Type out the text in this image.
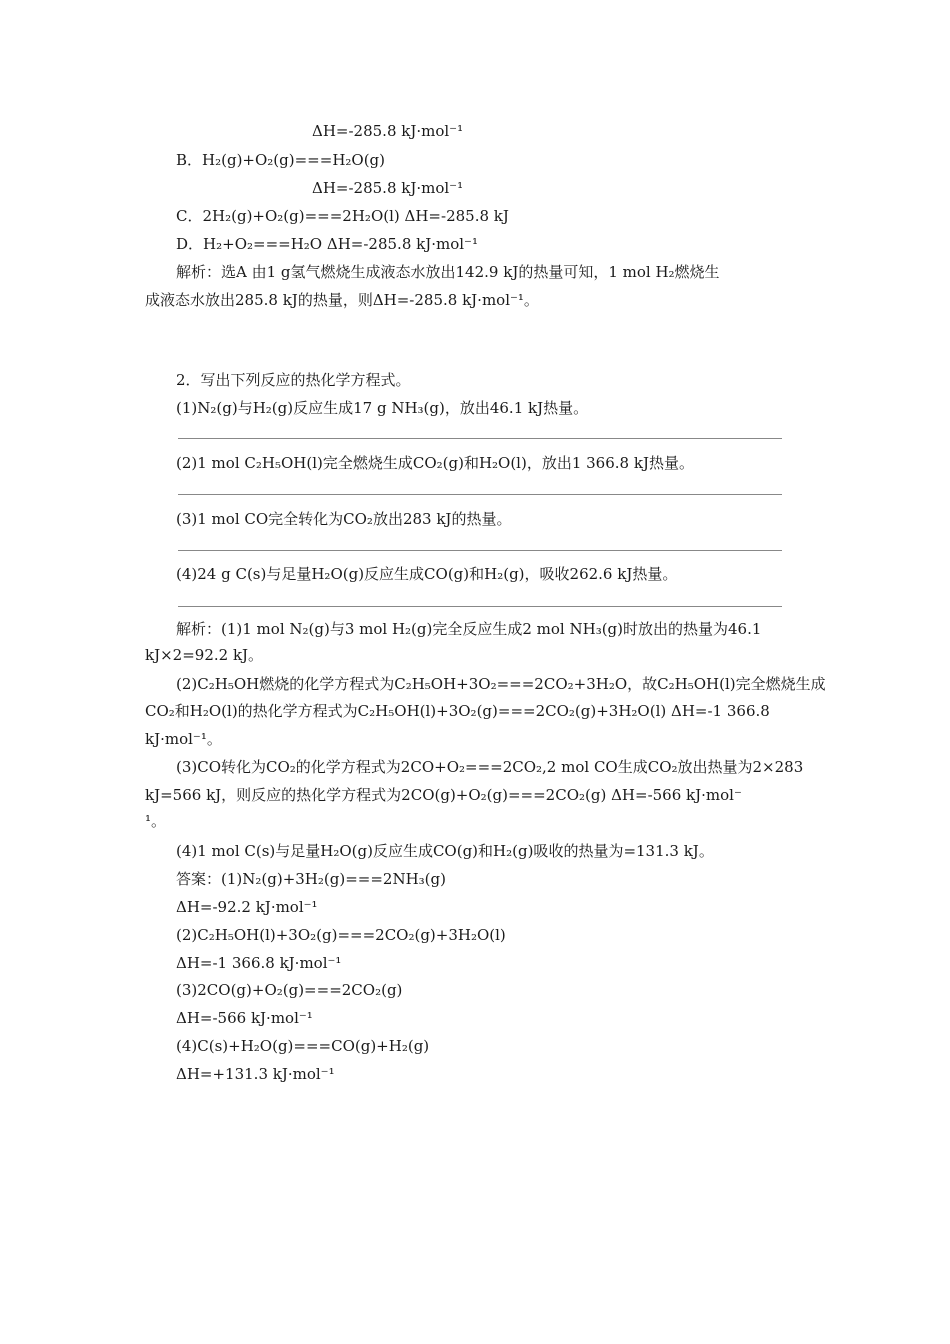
ΔH=-285.8 kJ·mol⁻¹
B．H₂(g)+O₂(g)===H₂O(g)
ΔH=-285.8 kJ·mol⁻¹
C．2H₂(g)+O₂(g)===2H₂O(l) ΔH=-285.8 kJ
D．H₂+O₂===H₂O ΔH=-285.8 kJ·mol⁻¹
解析：选A 由1 g氢气燃烧生成液态水放出142.9 kJ的热量可知，1 mol H₂燃烧生
成液态水放出285.8 kJ的热量，则ΔH=-285.8 kJ·mol⁻¹。
2．写出下列反应的热化学方程式。
(1)N₂(g)与H₂(g)反应生成17 g NH₃(g)，放出46.1 kJ热量。
(2)1 mol C₂H₅OH(l)完全燃烧生成CO₂(g)和H₂O(l)，放出1 366.8 kJ热量。
(3)1 mol CO完全转化为CO₂放出283 kJ的热量。
(4)24 g C(s)与足量H₂O(g)反应生成CO(g)和H₂(g)，吸收262.6 kJ热量。
解析：(1)1 mol N₂(g)与3 mol H₂(g)完全反应生成2 mol NH₃(g)时放出的热量为46.1
kJ×2=92.2 kJ。
(2)C₂H₅OH燃烧的化学方程式为C₂H₅OH+3O₂===2CO₂+3H₂O，故C₂H₅OH(l)完全燃烧生成
CO₂和H₂O(l)的热化学方程式为C₂H₅OH(l)+3O₂(g)===2CO₂(g)+3H₂O(l) ΔH=-1 366.8
kJ·mol⁻¹。
(3)CO转化为CO₂的化学方程式为2CO+O₂===2CO₂,2 mol CO生成CO₂放出热量为2×283
kJ=566 kJ，则反应的热化学方程式为2CO(g)+O₂(g)===2CO₂(g) ΔH=-566 kJ·mol⁻
¹。
(4)1 mol C(s)与足量H₂O(g)反应生成CO(g)和H₂(g)吸收的热量为=131.3 kJ。
答案：(1)N₂(g)+3H₂(g)===2NH₃(g)
ΔH=-92.2 kJ·mol⁻¹
(2)C₂H₅OH(l)+3O₂(g)===2CO₂(g)+3H₂O(l)
ΔH=-1 366.8 kJ·mol⁻¹
(3)2CO(g)+O₂(g)===2CO₂(g)
ΔH=-566 kJ·mol⁻¹
(4)C(s)+H₂O(g)===CO(g)+H₂(g)
ΔH=+131.3 kJ·mol⁻¹
